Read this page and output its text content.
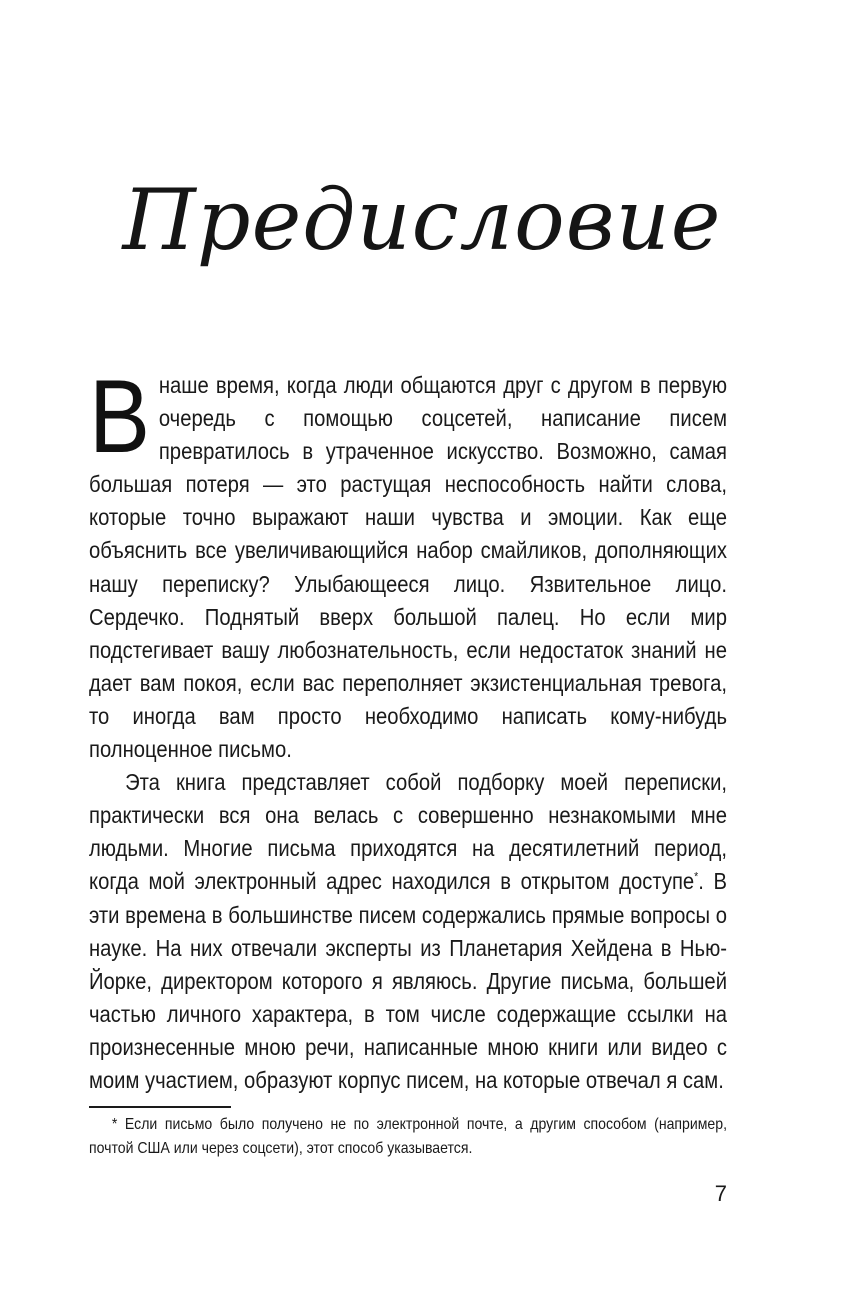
Предисловие

Внаше время, когда люди общаются друг с другом в первую очередь с помощью соцсетей, написание писем превратилось в утраченное искусство. Возможно, самая большая потеря — это растущая неспособность найти слова, которые точно выражают наши чувства и эмоции. Как еще объяснить все увеличивающийся набор смайликов, дополняющих нашу переписку? Улыбающееся лицо. Язвительное лицо. Сердечко. Поднятый вверх большой палец. Но если мир подстегивает вашу любознательность, если недостаток знаний не дает вам покоя, если вас переполняет экзистенциальная тревога, то иногда вам просто необходимо написать кому-нибудь полноценное письмо.

Эта книга представляет собой подборку моей переписки, практически вся она велась с совершенно незнакомыми мне людьми. Многие письма приходятся на десятилетний период, когда мой электронный адрес находился в открытом доступе*. В эти времена в большинстве писем содержались прямые вопросы о науке. На них отвечали эксперты из Планетария Хейдена в Нью-Йорке, директором которого я являюсь. Другие письма, большей частью личного характера, в том числе содержащие ссылки на произнесенные мною речи, написанные мною книги или видео с моим участием, образуют корпус писем, на которые отвечал я сам.

* Если письмо было получено не по электронной почте, а другим способом (например, почтой США или через соцсети), этот способ указывается.
7
